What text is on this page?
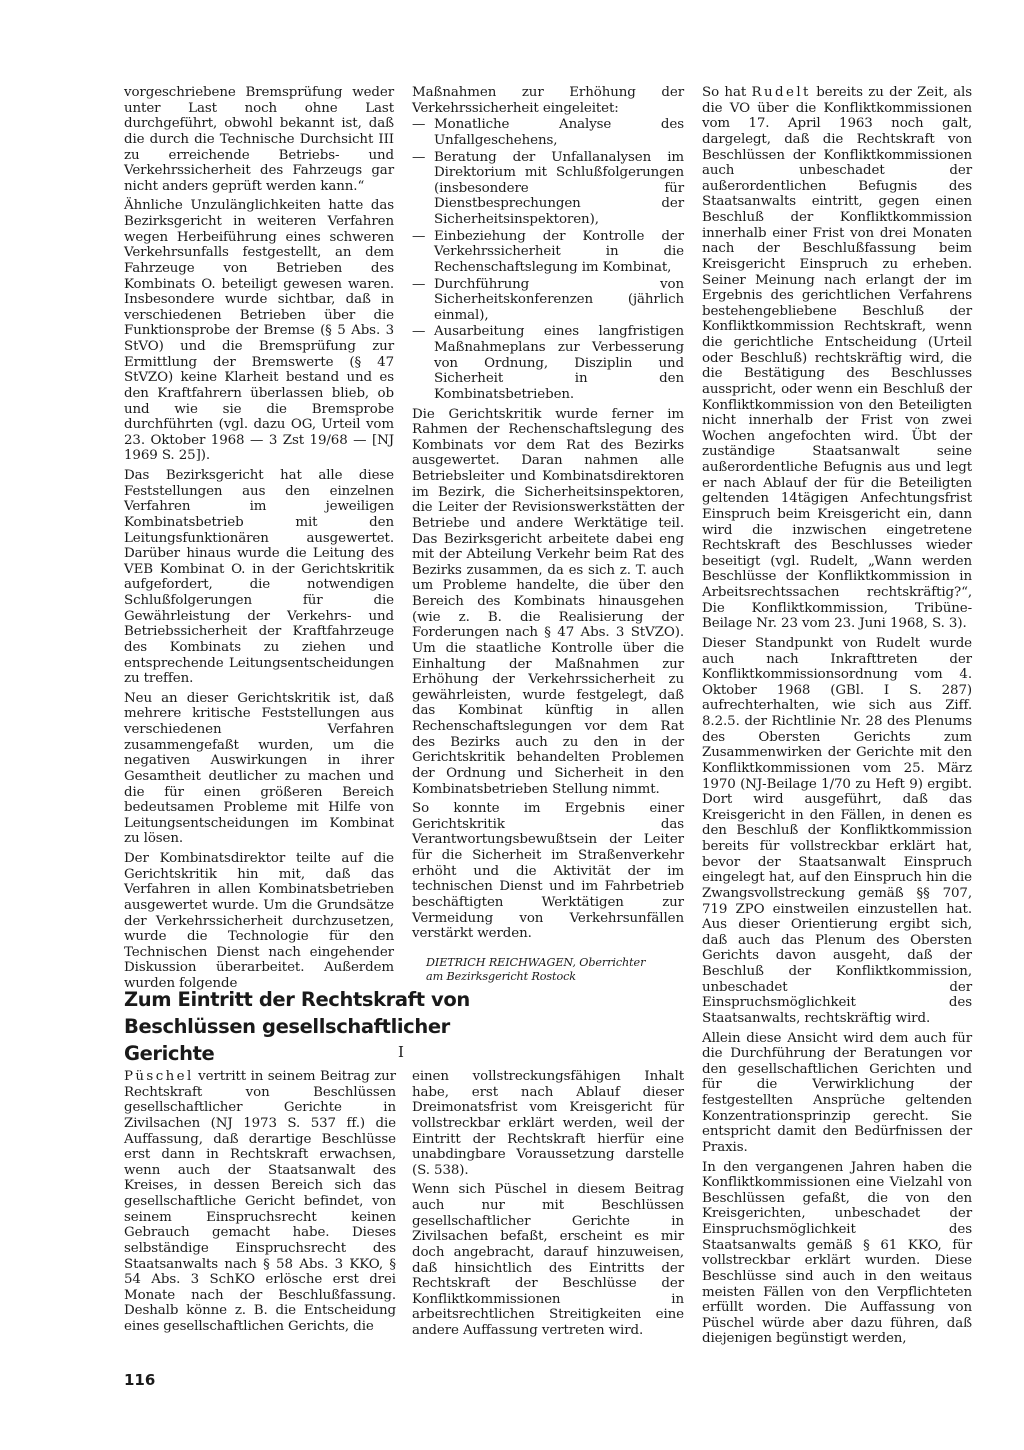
vorgeschriebene Bremsprüfung weder unter Last noch ohne Last durchgeführt, obwohl bekannt ist, daß die durch die Technische Durchsicht III zu erreichende Betriebs- und Verkehrssicherheit des Fahrzeugs gar nicht anders geprüft werden kann.“

Ähnliche Unzulänglichkeiten hatte das Bezirksgericht in weiteren Verfahren wegen Herbeiführung eines schweren Verkehrsunfalls festgestellt, an dem Fahrzeuge von Betrieben des Kombinats O. beteiligt gewesen waren. Insbesondere wurde sichtbar, daß in verschiedenen Betrieben über die Funktionsprobe der Bremse (§ 5 Abs. 3 StVO) und die Bremsprüfung zur Ermittlung der Bremswerte (§ 47 StVZO) keine Klarheit bestand und es den Kraftfahrern überlassen blieb, ob und wie sie die Bremsprobe durchführten (vgl. dazu OG, Urteil vom 23. Oktober 1968 — 3 Zst 19/68 — [NJ 1969 S. 25]).

Das Bezirksgericht hat alle diese Feststellungen aus den einzelnen Verfahren im jeweiligen Kombinatsbetrieb mit den Leitungsfunktionären ausgewertet. Darüber hinaus wurde die Leitung des VEB Kombinat O. in der Gerichtskritik aufgefordert, die notwendigen Schlußfolgerungen für die Gewährleistung der Verkehrs- und Betriebssicherheit der Kraftfahrzeuge des Kombinats zu ziehen und entsprechende Leitungsentscheidungen zu treffen.

Neu an dieser Gerichtskritik ist, daß mehrere kritische Feststellungen aus verschiedenen Verfahren zusammengefaßt wurden, um die negativen Auswirkungen in ihrer Gesamtheit deutlicher zu machen und die für einen größeren Bereich bedeutsamen Probleme mit Hilfe von Leitungsentscheidungen im Kombinat zu lösen.

Der Kombinatsdirektor teilte auf die Gerichtskritik hin mit, daß das Verfahren in allen Kombinatsbetrieben ausgewertet wurde. Um die Grundsätze der Verkehrssicherheit durchzusetzen, wurde die Technologie für den Technischen Dienst nach eingehender Diskussion überarbeitet. Außerdem wurden folgende

Maßnahmen zur Erhöhung der Verkehrssicherheit eingeleitet:

— Monatliche Analyse des Unfallgeschehens,
— Beratung der Unfallanalysen im Direktorium mit Schlußfolgerungen (insbesondere für Dienstbesprechungen der Sicherheitsinspektoren),
— Einbeziehung der Kontrolle der Verkehrssicherheit in die Rechenschaftslegung im Kombinat,
— Durchführung von Sicherheitskonferenzen (jährlich einmal),
— Ausarbeitung eines langfristigen Maßnahmeplans zur Verbesserung von Ordnung, Disziplin und Sicherheit in den Kombinatsbetrieben.

Die Gerichtskritik wurde ferner im Rahmen der Rechenschaftslegung des Kombinats vor dem Rat des Bezirks ausgewertet. Daran nahmen alle Betriebsleiter und Kombinatsdirektoren im Bezirk, die Sicherheitsinspektoren, die Leiter der Revisionswerkstätten der Betriebe und andere Werktätige teil. Das Bezirksgericht arbeitete dabei eng mit der Abteilung Verkehr beim Rat des Bezirks zusammen, da es sich z. T. auch um Probleme handelte, die über den Bereich des Kombinats hinausgehen (wie z. B. die Realisierung der Forderungen nach § 47 Abs. 3 StVZO). Um die staatliche Kontrolle über die Einhaltung der Maßnahmen zur Erhöhung der Verkehrssicherheit zu gewährleisten, wurde festgelegt, daß das Kombinat künftig in allen Rechenschaftslegungen vor dem Rat des Bezirks auch zu den in der Gerichtskritik behandelten Problemen der Ordnung und Sicherheit in den Kombinatsbetrieben Stellung nimmt.

So konnte im Ergebnis einer Gerichtskritik das Verantwortungsbewußtsein der Leiter für die Sicherheit im Straßenverkehr erhöht und die Aktivität der im technischen Dienst und im Fahrbetrieb beschäftigten Werktätigen zur Vermeidung von Verkehrsunfällen verstärkt werden.

DIETRICH REICHWAGEN, Oberrichter
am Bezirksgericht Rostock

So hat Rudelt bereits zu der Zeit, als die VO über die Konfliktkommissionen vom 17. April 1963 noch galt, dargelegt, daß die Rechtskraft von Beschlüssen der Konfliktkommissionen auch unbeschadet der außerordentlichen Befugnis des Staatsanwalts eintritt, gegen einen Beschluß der Konfliktkommission innerhalb einer Frist von drei Monaten nach der Beschlußfassung beim Kreisgericht Einspruch zu erheben. Seiner Meinung nach erlangt der im Ergebnis des gerichtlichen Verfahrens bestehengebliebene Beschluß der Konfliktkommission Rechtskraft, wenn die gerichtliche Entscheidung (Urteil oder Beschluß) rechtskräftig wird, die die Bestätigung des Beschlusses ausspricht, oder wenn ein Beschluß der Konfliktkommission von den Beteiligten nicht innerhalb der Frist von zwei Wochen angefochten wird. Übt der zuständige Staatsanwalt seine außerordentliche Befugnis aus und legt er nach Ablauf der für die Beteiligten geltenden 14tägigen Anfechtungsfrist Einspruch beim Kreisgericht ein, dann wird die inzwischen eingetretene Rechtskraft des Beschlusses wieder beseitigt (vgl. Rudelt, „Wann werden Beschlüsse der Konfliktkommission in Arbeitsrechtssachen rechtskräftig?“, Die Konfliktkommission, Tribüne-Beilage Nr. 23 vom 23. Juni 1968, S. 3).

Dieser Standpunkt von Rudelt wurde auch nach Inkrafttreten der Konfliktkommissionsordnung vom 4. Oktober 1968 (GBl. I S. 287) aufrechterhalten, wie sich aus Ziff. 8.2.5. der Richtlinie Nr. 28 des Plenums des Obersten Gerichts zum Zusammenwirken der Gerichte mit den Konfliktkommissionen vom 25. März 1970 (NJ-Beilage 1/70 zu Heft 9) ergibt. Dort wird ausgeführt, daß das Kreisgericht in den Fällen, in denen es den Beschluß der Konfliktkommission bereits für vollstreckbar erklärt hat, bevor der Staatsanwalt Einspruch eingelegt hat, auf den Einspruch hin die Zwangsvollstreckung gemäß §§ 707, 719 ZPO einstweilen einzustellen hat. Aus dieser Orientierung ergibt sich, daß auch das Plenum des Obersten Gerichts davon ausgeht, daß der Beschluß der Konfliktkommission, unbeschadet der Einspruchsmöglichkeit des Staatsanwalts, rechtskräftig wird.

Allein diese Ansicht wird dem auch für die Durchführung der Beratungen vor den gesellschaftlichen Gerichten und für die Verwirklichung der festgestellten Ansprüche geltenden Konzentrationsprinzip gerecht. Sie entspricht damit den Bedürfnissen der Praxis.

In den vergangenen Jahren haben die Konfliktkommissionen eine Vielzahl von Beschlüssen gefaßt, die von den Kreisgerichten, unbeschadet der Einspruchsmöglichkeit des Staatsanwalts gemäß § 61 KKO, für vollstreckbar erklärt wurden. Diese Beschlüsse sind auch in den weitaus meisten Fällen von den Verpflichteten erfüllt worden. Die Auffassung von Püschel würde aber dazu führen, daß diejenigen begünstigt werden,

Zum Eintritt der Rechtskraft von Beschlüssen gesellschaftlicher Gerichte	I

Püschel vertritt in seinem Beitrag zur Rechtskraft von Beschlüssen gesellschaftlicher Gerichte in Zivilsachen (NJ 1973 S. 537 ff.) die Auffassung, daß derartige Beschlüsse erst dann in Rechtskraft erwachsen, wenn auch der Staatsanwalt des Kreises, in dessen Bereich sich das gesellschaftliche Gericht befindet, von seinem Einspruchsrecht keinen Gebrauch gemacht habe. Dieses selbständige Einspruchsrecht des Staatsanwalts nach § 58 Abs. 3 KKO, § 54 Abs. 3 SchKO erlösche erst drei Monate nach der Beschlußfassung. Deshalb könne z. B. die Entscheidung eines gesellschaftlichen Gerichts, die

einen vollstreckungsfähigen Inhalt habe, erst nach Ablauf dieser Dreimonatsfrist vom Kreisgericht für vollstreckbar erklärt werden, weil der Eintritt der Rechtskraft hierfür eine unabdingbare Voraussetzung darstelle (S. 538).

Wenn sich Püschel in diesem Beitrag auch nur mit Beschlüssen gesellschaftlicher Gerichte in Zivilsachen befaßt, erscheint es mir doch angebracht, darauf hinzuweisen, daß hinsichtlich des Eintritts der Rechtskraft der Beschlüsse der Konfliktkommissionen in arbeitsrechtlichen Streitigkeiten eine andere Auffassung vertreten wird.

116
